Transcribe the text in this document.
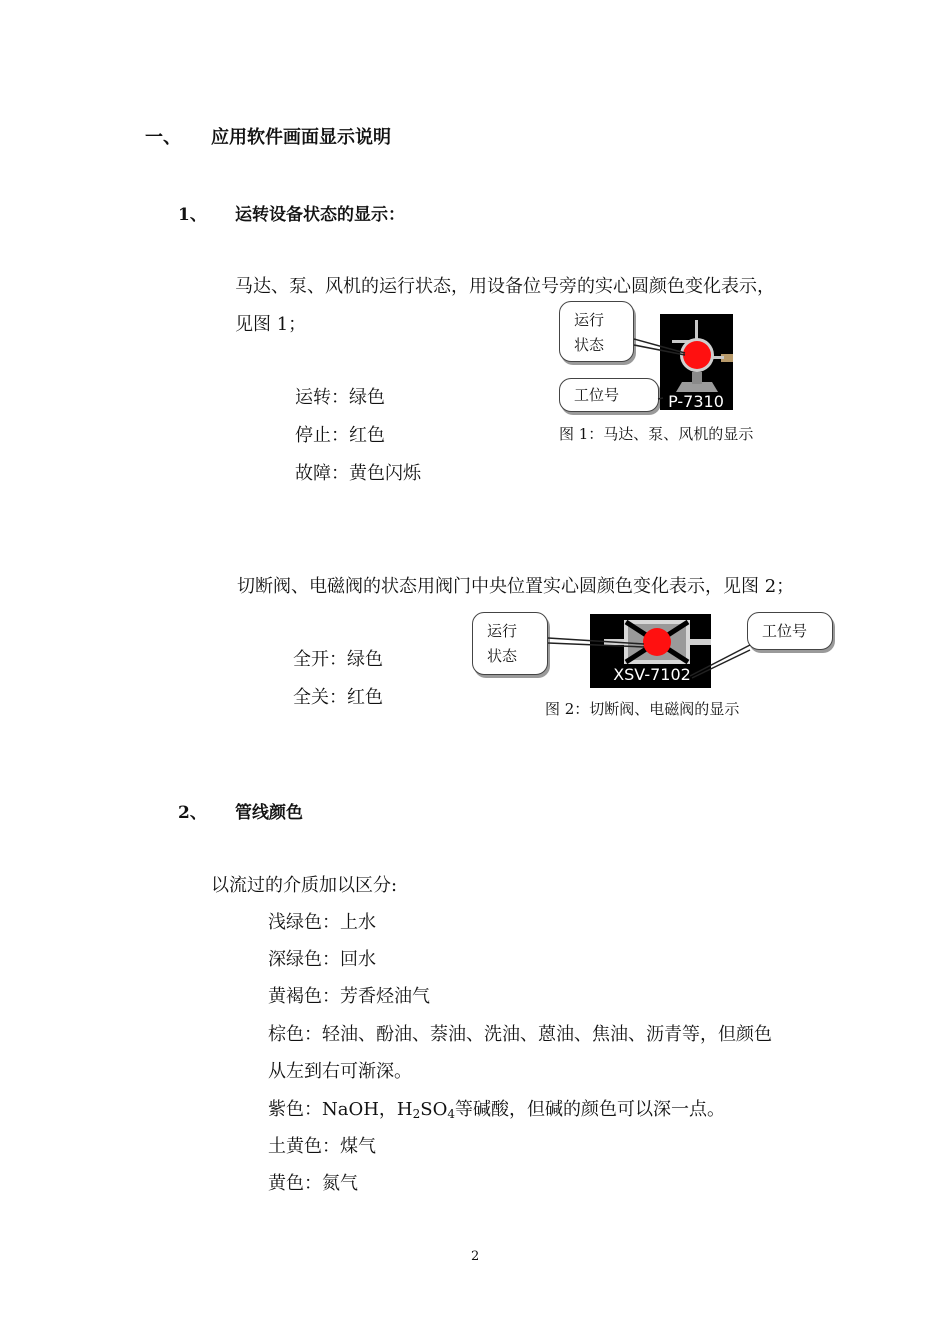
一、 应用软件画面显示说明
1、 运转设备状态的显示：
马达、泵、风机的运行状态，用设备位号旁的实心圆颜色变化表示，
见图 1；
运转：绿色
停止：红色
故障：黄色闪烁
运行
状态
工位号	P-7310
图 1：马达、泵、风机的显示
切断阀、电磁阀的状态用阀门中央位置实心圆颜色变化表示，见图 2；
全开：绿色
全关：红色
运行
状态
工位号
XSV-7102
图 2：切断阀、电磁阀的显示
2、 管线颜色
以流过的介质加以区分:
浅绿色：上水
深绿色：回水
黄褐色：芳香烃油气
棕色：轻油、酚油、萘油、洗油、蒽油、焦油、沥青等，但颜色
从左到右可渐深。
紫色：NaOH，$H_2SO_4$等碱酸，但碱的颜色可以深一点。
土黄色：煤气
黄色：氮气
2
